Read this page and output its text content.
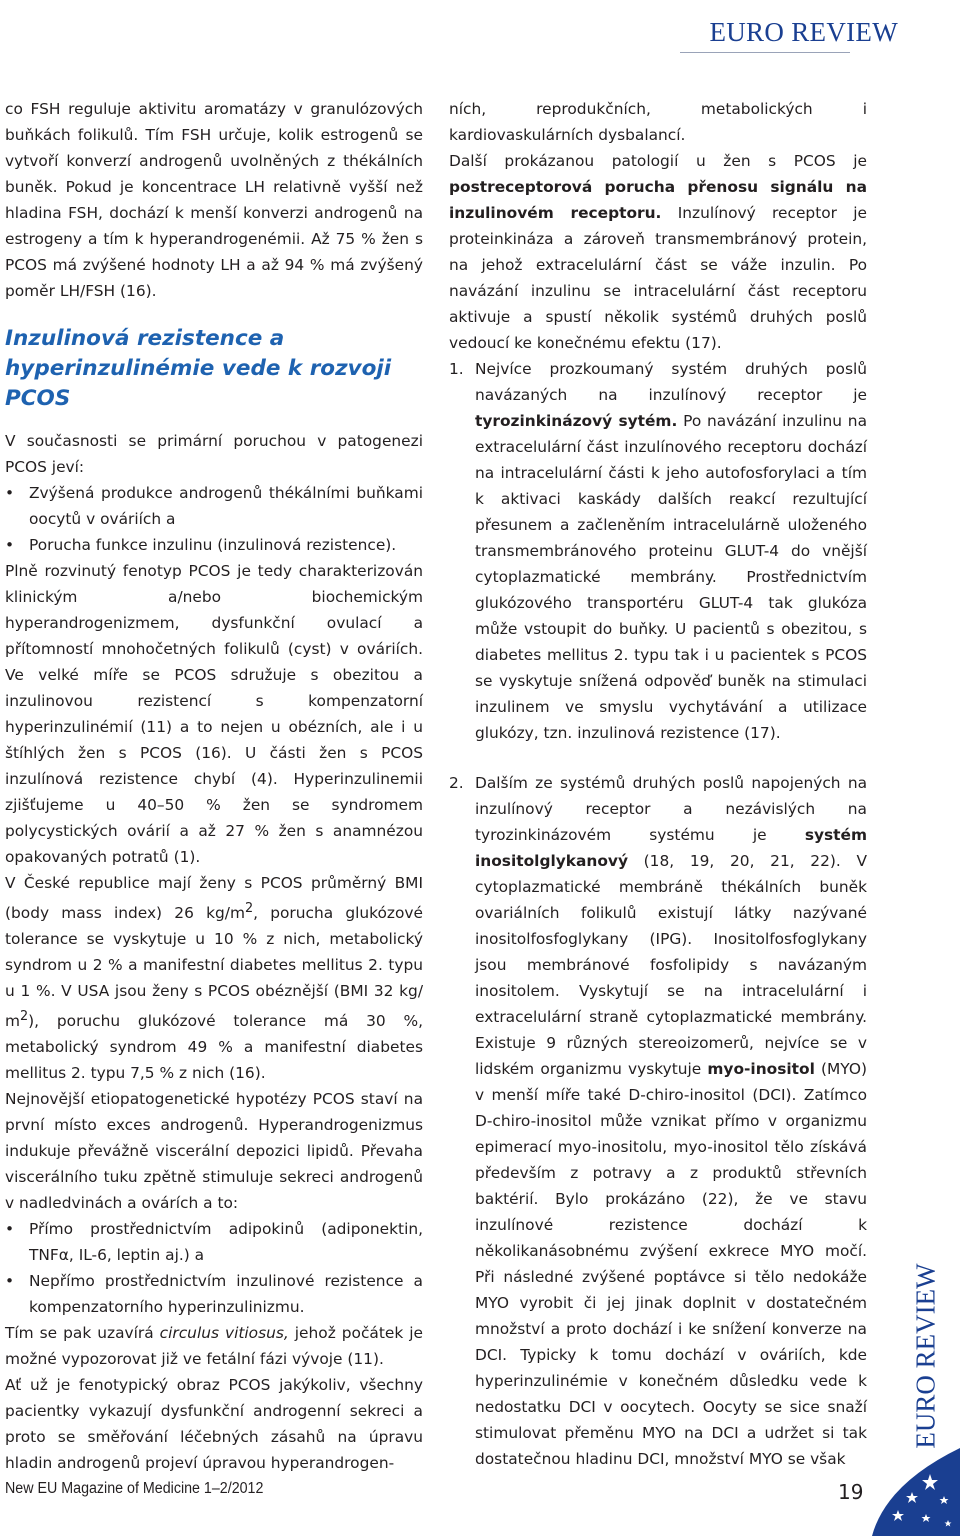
EURO REVIEW

co FSH reguluje aktivitu aromatázy v granulózových buňkách folikulů. Tím FSH určuje, kolik estrogenů se vytvoří konverzí androgenů uvolněných z thékálních buněk. Pokud je koncentrace LH relativně vyšší než hladina FSH, dochází k menší konverzi androgenů na estrogeny a tím k hyperandrogenémii. Až 75 % žen s PCOS má zvýšené hodnoty LH a až 94 % má zvýšený poměr LH/FSH (16).

Inzulinová rezistence a hyperinzulinémie vede k rozvoji PCOS

V současnosti se primární poruchou v patogenezi PCOS jeví:

• Zvýšená produkce androgenů thékálními buňkami oocytů v ováriích a
• Porucha funkce inzulinu (inzulinová rezistence).

Plně rozvinutý fenotyp PCOS je tedy charakterizován klinickým a/nebo biochemickým hyperandrogenizmem, dysfunkční ovulací a přítomností mnohočetných folikulů (cyst) v ováriích. Ve velké míře se PCOS sdružuje s obezitou a inzulinovou rezistencí s kompenzatorní hyperinzulinémií (11) a to nejen u obézních, ale i u štíhlých žen s PCOS (16). U části žen s PCOS inzulínová rezistence chybí (4). Hyperinzulinemii zjišťujeme u 40–50 % žen se syndromem polycystických ovárií a až 27 % žen s anamnézou opakovaných potratů (1).

V České republice mají ženy s PCOS průměrný BMI (body mass index) 26 $kg/m^2$, porucha glukózové tolerance se vyskytuje u 10 % z nich, metabolický syndrom u 2 % a manifestní diabetes mellitus 2. typu u 1 %. V USA jsou ženy s PCOS obéznější (BMI 32 kg/ $m^2$), poruchu glukózové tolerance má 30 %, metabolický syndrom 49 % a manifestní diabetes mellitus 2. typu 7,5 % z nich (16).

Nejnovější etiopatogenetické hypotézy PCOS staví na první místo exces androgenů. Hyperandrogenizmus indukuje převážně viscerální depozici lipidů. Převaha viscerálního tuku zpětně stimuluje sekreci androgenů v nadledvinách a ovárích a to:

• Přímo prostřednictvím adipokinů (adiponektin, TNFα, IL-6, leptin aj.) a
• Nepřímo prostřednictvím inzulinové rezistence a kompenzatorního hyperinzulinizmu.

Tím se pak uzavírá circulus vitiosus, jehož počátek je možné vypozorovat již ve fetální fázi vývoje (11).

Ať už je fenotypický obraz PCOS jakýkoliv, všechny pacientky vykazují dysfunkční androgenní sekreci a proto se směřování léčebných zásahů na úpravu hladin androgenů projeví úpravou hyperandrogen-

ních, reprodukčních, metabolických i kardiovaskulárních dysbalancí.

Další prokázanou patologií u žen s PCOS je postreceptorová porucha přenosu signálu na inzulinovém receptoru. Inzulínový receptor je proteinkináza a zároveň transmembránový protein, na jehož extracelulární část se váže inzulin. Po navázání inzulinu se intracelulární část receptoru aktivuje a spustí několik systémů druhých poslů vedoucí ke konečnému efektu (17).

1. Nejvíce prozkoumaný systém druhých poslů navázaných na inzulínový receptor je tyrozinkinázový sytém. Po navázání inzulinu na extracelulární část inzulínového receptoru dochází na intracelulární části k jeho autofosforylaci a tím k aktivaci kaskády dalších reakcí rezultující přesunem a začleněním intracelulárně uloženého transmembránového proteinu GLUT-4 do vnější cytoplazmatické membrány. Prostřednictvím glukózového transportéru GLUT-4 tak glukóza může vstoupit do buňky. U pacientů s obezitou, s diabetes mellitus 2. typu tak i u pacientek s PCOS se vyskytuje snížená odpověď buněk na stimulaci inzulinem ve smyslu vychytávání a utilizace glukózy, tzn. inzulinová rezistence (17).
2. Dalším ze systémů druhých poslů napojených na inzulínový receptor a nezávislých na tyrozinkinázovém systému je systém inositolglykanový (18, 19, 20, 21, 22). V cytoplazmatické membráně thékálních buněk ovariálních folikulů existují látky nazývané inositolfosfoglykany (IPG). Inositolfosfoglykany jsou membránové fosfolipidy s navázaným inositolem. Vyskytují se na intracelulární i extracelulární straně cytoplazmatické membrány. Existuje 9 různých stereoizomerů, nejvíce se v lidském organizmu vyskytuje myo-inositol (MYO) v menší míře také D-chiro-inositol (DCI). Zatímco D-chiro-inositol může vznikat přímo v organizmu epimerací myo-inositolu, myo-inositol tělo získává především z potravy a z produktů střevních baktérií. Bylo prokázáno (22), že ve stavu inzulínové rezistence dochází k několikanásobnému zvýšení exkrece MYO močí. Při následné zvýšené poptávce si tělo nedokáže MYO vyrobit či jej jinak doplnit v dostatečném množství a proto dochází i ke snížení konverze na DCI. Typicky k tomu dochází v ováriích, kde hyperinzulinémie v konečném důsledku vede k nedostatku DCI v oocytech. Oocyty se sice snaží stimulovat přeměnu MYO na DCI a udržet si tak dostatečnou hladinu DCI, množství MYO se však
New EU Magazine of Medicine 1–2/2012	19
EURO REVIEW
